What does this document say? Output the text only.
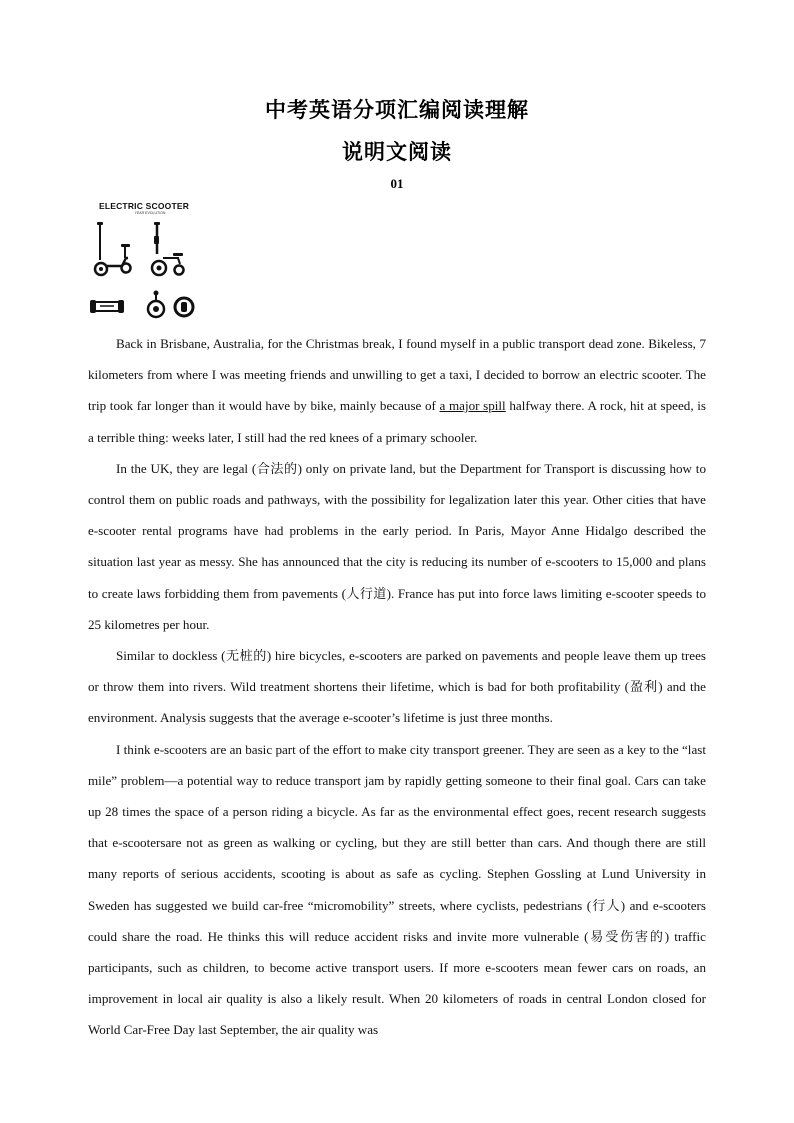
中考英语分项汇编阅读理解
说明文阅读
01
ELECTRIC SCOOTER
YEAR EVOLUTION

Back in Brisbane, Australia, for the Christmas break, I found myself in a public transport dead zone. Bikeless, 7 kilometers from where I was meeting friends and unwilling to get a taxi, I decided to borrow an electric scooter. The trip took far longer than it would have by bike, mainly because of a major spill halfway there. A rock, hit at speed, is a terrible thing: weeks later, I still had the red knees of a primary schooler.

In the UK, they are legal (合法的) only on private land, but the Department for Transport is discussing how to control them on public roads and pathways, with the possibility for legalization later this year. Other cities that have e-scooter rental programs have had problems in the early period. In Paris, Mayor Anne Hidalgo described the situation last year as messy. She has announced that the city is reducing its number of e-scooters to 15,000 and plans to create laws forbidding them from pavements (人行道). France has put into force laws limiting e-scooter speeds to 25 kilometres per hour.

Similar to dockless (无桩的) hire bicycles, e-scooters are parked on pavements and people leave them up trees or throw them into rivers. Wild treatment shortens their lifetime, which is bad for both profitability (盈利) and the environment. Analysis suggests that the average e-scooter’s lifetime is just three months.

I think e-scooters are an basic part of the effort to make city transport greener. They are seen as a key to the “last mile” problem—a potential way to reduce transport jam by rapidly getting someone to their final goal. Cars can take up 28 times the space of a person riding a bicycle. As far as the environmental effect goes, recent research suggests that e-scootersare not as green as walking or cycling, but they are still better than cars. And though there are still many reports of serious accidents, scooting is about as safe as cycling. Stephen Gossling at Lund University in Sweden has suggested we build car-free “micromobility” streets, where cyclists, pedestrians (行人) and e-scooters could share the road. He thinks this will reduce accident risks and invite more vulnerable (易受伤害的) traffic participants, such as children, to become active transport users. If more e-scooters mean fewer cars on roads, an improvement in local air quality is also a likely result. When 20 kilometers of roads in central London closed for World Car-Free Day last September, the air quality was
